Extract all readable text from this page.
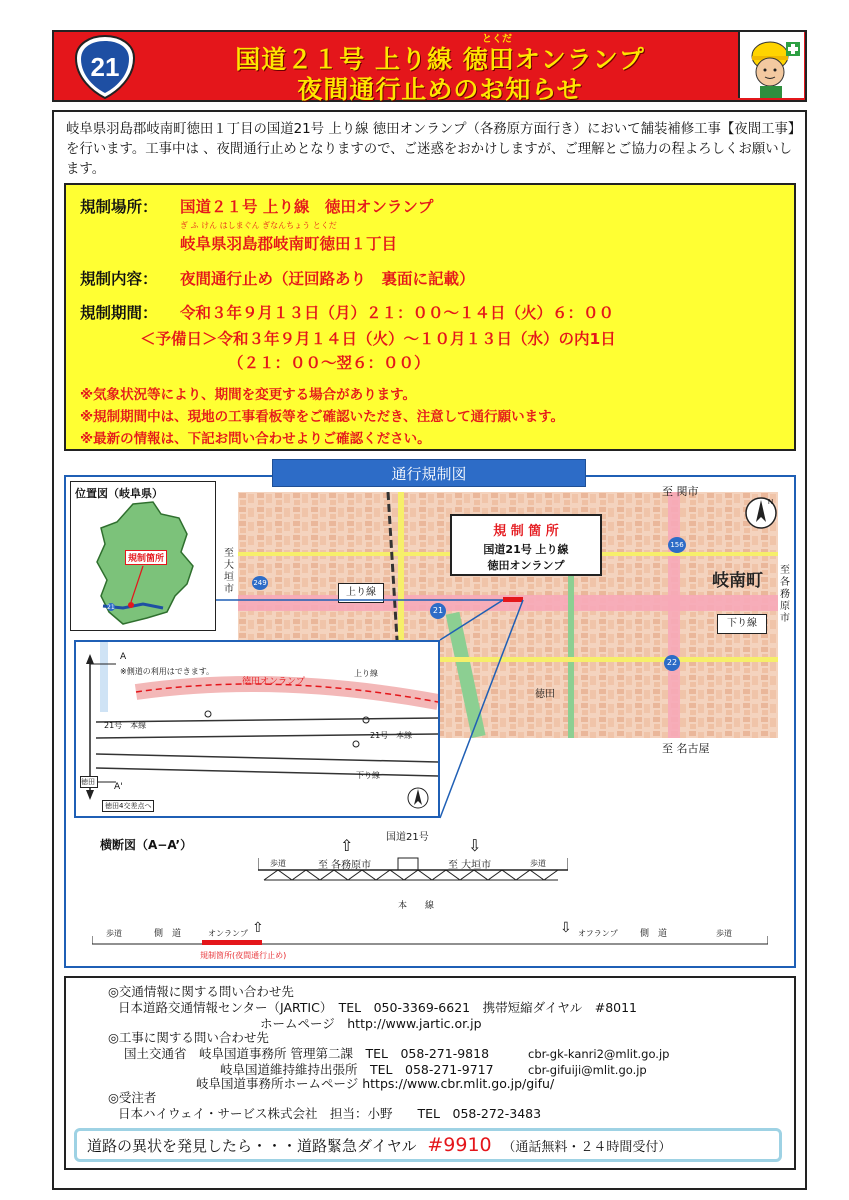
21
とくだ
国道２１号 上り線 徳田オンランプ
夜間通行止めのお知らせ
岐阜県羽島郡岐南町徳田１丁目の国道21号 上り線 徳田オンランプ（各務原方面行き）において舗装補修工事【夜間工事】を行います。工事中は 、夜間通行止めとなりますので、ご迷惑をおかけしますが、ご理解とご協力の程よろしくお願いします。
規制場所： 国道２１号 上り線　徳田オンランプ
ぎ ふ けん はしまぐん ぎなんちょう とくだ
岐阜県羽島郡岐南町徳田１丁目
規制内容： 夜間通行止め（迂回路あり　裏面に記載）
規制期間： 令和３年９月１３日（月）２１：００～１４日（火）６：００
＜予備日＞令和３年９月１４日（火）～１０月１３日（水）の内1日
（２１：００～翌６：００）
※気象状況等により、期間を変更する場合があります。
※規制期間中は、現地の工事看板等をご確認いただき、注意して通行願います。
※最新の情報は、下記お問い合わせよりご確認ください。
至 関市
至 名古屋
至大垣市
至各務原市
岐南町
上り線
下り線
21
22
156
249
徳田
N
規 制 箇 所
国道21号 上り線
徳田オンランプ
位置図（岐阜県）
規制箇所
21
※側道の利用はできます。
徳田オンランプ
上り線
下り線
21号　本線
21号　本線
A
A'
徳田
徳田4交差点へ
通行規制図
横断図（A−A’）
国道21号
⇧	⇩
至 各務原市	至 大垣市
歩道	歩道
本　　線
歩道	側　道	オンランプ ⇧	⇩ オフランプ 側　道	歩道
規制箇所(夜間通行止め)
◎交通情報に関する問い合わせ先
日本道路交通情報センター（JARTIC）　TEL　050-3369-6621　携帯短縮ダイヤル　#8011
ホームページ　http://www.jartic.or.jp
◎工事に関する問い合わせ先
国土交通省　岐阜国道事務所 管理第二課　TEL　058-271-9818	cbr-gk-kanri2@mlit.go.jp
岐阜国道維持維持出張所　TEL　058-271-9717	cbr-gifuiji@mlit.go.jp
岐阜国道事務所ホームページ https://www.cbr.mlit.go.jp/gifu/
◎受注者
日本ハイウェイ・サービス株式会社　担当：小野　　TEL　058-272-3483
道路の異状を発見したら・・・道路緊急ダイヤル #9910 （通話無料・２４時間受付）
